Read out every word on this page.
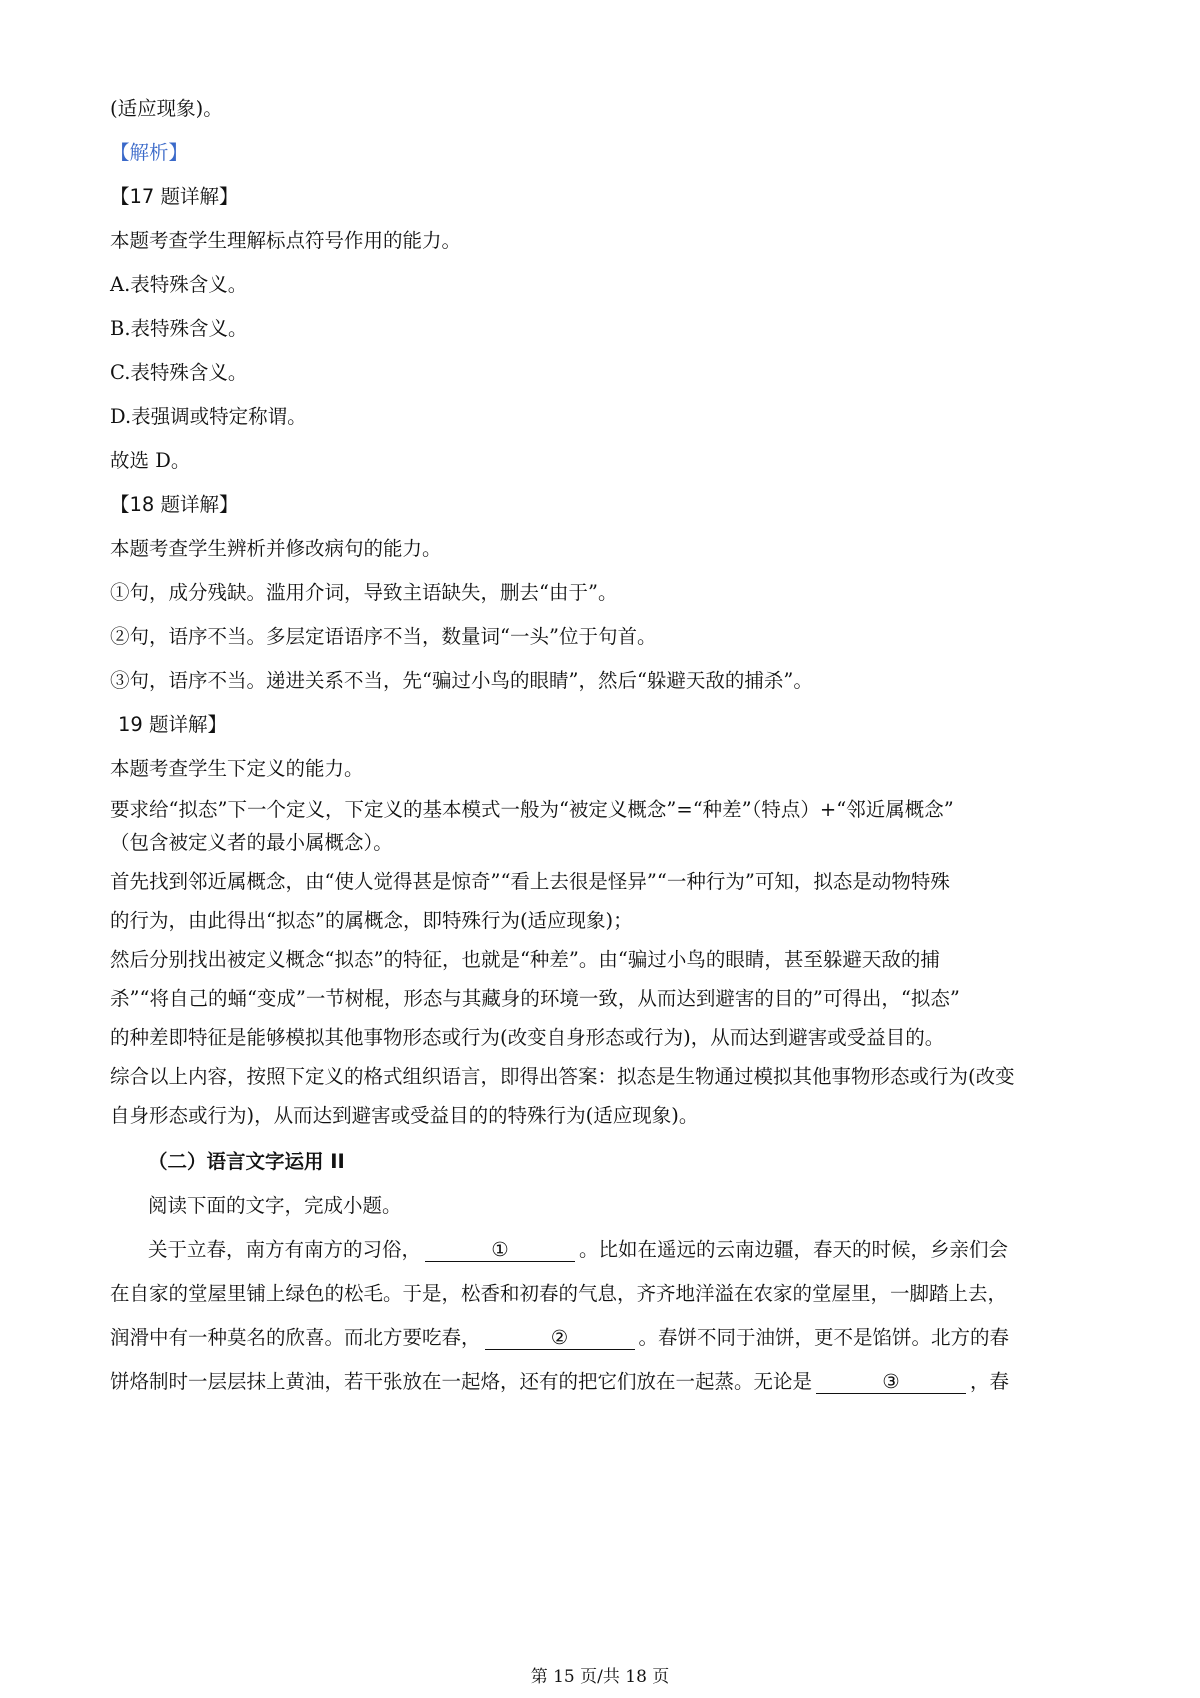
(适应现象)。
【解析】
【17 题详解】
本题考查学生理解标点符号作用的能力。
A.表特殊含义。
B.表特殊含义。
C.表特殊含义。
D.表强调或特定称谓。
故选 D。
【18 题详解】
本题考查学生辨析并修改病句的能力。
①句，成分残缺。滥用介词，导致主语缺失，删去“由于”。
②句，语序不当。多层定语语序不当，数量词“一头”位于句首。
③句，语序不当。递进关系不当，先“骗过小鸟的眼睛”，然后“躲避天敌的捕杀”。
19 题详解】
本题考查学生下定义的能力。
要求给“拟态”下一个定义，下定义的基本模式一般为“被定义概念”=“种差”（特点）+“邻近属概念”
（包含被定义者的最小属概念）。
首先找到邻近属概念，由“使人觉得甚是惊奇”“看上去很是怪异”“一种行为”可知，拟态是动物特殊
的行为，由此得出“拟态”的属概念，即特殊行为(适应现象)；
然后分别找出被定义概念“拟态”的特征，也就是“种差”。由“骗过小鸟的眼睛，甚至躲避天敌的捕
杀”“将自己的蛹“变成”一节树棍，形态与其藏身的环境一致，从而达到避害的目的”可得出，“拟态”
的种差即特征是能够模拟其他事物形态或行为(改变自身形态或行为)，从而达到避害或受益目的。
综合以上内容，按照下定义的格式组织语言，即得出答案：拟态是生物通过模拟其他事物形态或行为(改变
自身形态或行为)，从而达到避害或受益目的的特殊行为(适应现象)。
（二）语言文字运用 II
阅读下面的文字，完成小题。
关于立春，南方有南方的习俗，	①	。比如在遥远的云南边疆，春天的时候，乡亲们会
在自家的堂屋里铺上绿色的松毛。于是，松香和初春的气息，齐齐地洋溢在农家的堂屋里，一脚踏上去，
润滑中有一种莫名的欣喜。而北方要吃春，	②	。春饼不同于油饼，更不是馅饼。北方的春
饼烙制时一层层抹上黄油，若干张放在一起烙，还有的把它们放在一起蒸。无论是	③	，春
第 15 页/共 18 页
